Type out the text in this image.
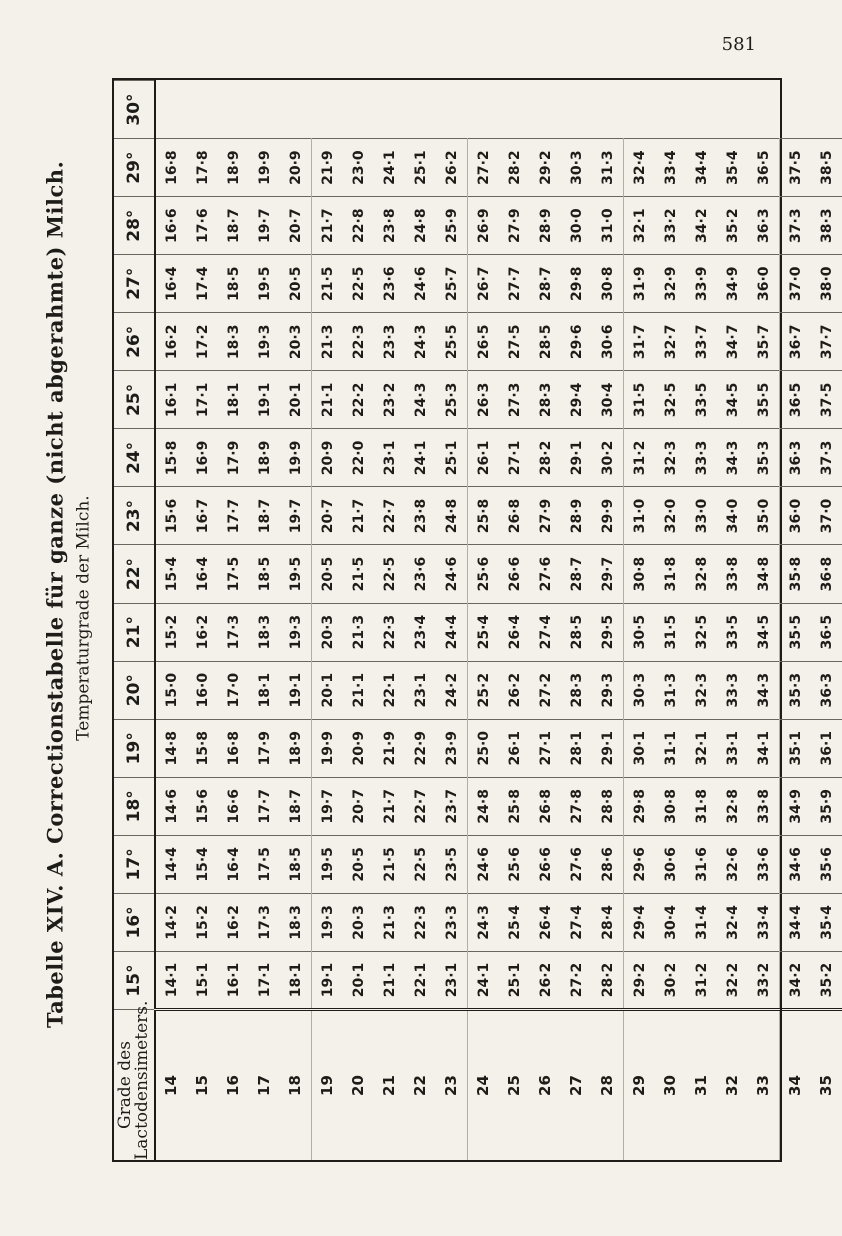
581
Tabelle XIV. A. Correctionstabelle für ganze (nicht abgerahmte) Milch. Temperaturgrade der Milch.
Grade des Lactodensimeters.	15°	16°	17°	18°	19°	20°	21°	22°	23°	24°	25°	26°	27°	28°	29°	30°
14	14·1	14·2	14·4	14·6	14·8	15·0	15·2	15·4	15·6	15·8	16·1	16·2	16·4	16·6	16·8	
15	15·1	15·2	15·4	15·6	15·8	16·0	16·2	16·4	16·7	16·9	17·1	17·2	17·4	17·6	17·8	
16	16·1	16·2	16·4	16·6	16·8	17·0	17·3	17·5	17·7	17·9	18·1	18·3	18·5	18·7	18·9	
17	17·1	17·3	17·5	17·7	17·9	18·1	18·3	18·5	18·7	18·9	19·1	19·3	19·5	19·7	19·9	
18	18·1	18·3	18·5	18·7	18·9	19·1	19·3	19·5	19·7	19·9	20·1	20·3	20·5	20·7	20·9	
19	19·1	19·3	19·5	19·7	19·9	20·1	20·3	20·5	20·7	20·9	21·1	21·3	21·5	21·7	21·9	
20	20·1	20·3	20·5	20·7	20·9	21·1	21·3	21·5	21·7	22·0	22·2	22·3	22·5	22·8	23·0	
21	21·1	21·3	21·5	21·7	21·9	22·1	22·3	22·5	22·7	23·1	23·2	23·3	23·6	23·8	24·1	
22	22·1	22·3	22·5	22·7	22·9	23·1	23·4	23·6	23·8	24·1	24·3	24·3	24·6	24·8	25·1	
23	23·1	23·3	23·5	23·7	23·9	24·2	24·4	24·6	24·8	25·1	25·3	25·5	25·7	25·9	26·2	
24	24·1	24·3	24·6	24·8	25·0	25·2	25·4	25·6	25·8	26·1	26·3	26·5	26·7	26·9	27·2	
25	25·1	25·4	25·6	25·8	26·1	26·2	26·4	26·6	26·8	27·1	27·3	27·5	27·7	27·9	28·2	
26	26·2	26·4	26·6	26·8	27·1	27·2	27·4	27·6	27·9	28·2	28·3	28·5	28·7	28·9	29·2	
27	27·2	27·4	27·6	27·8	28·1	28·3	28·5	28·7	28·9	29·1	29·4	29·6	29·8	30·0	30·3	
28	28·2	28·4	28·6	28·8	29·1	29·3	29·5	29·7	29·9	30·2	30·4	30·6	30·8	31·0	31·3	
29	29·2	29·4	29·6	29·8	30·1	30·3	30·5	30·8	31·0	31·2	31·5	31·7	31·9	32·1	32·4	
30	30·2	30·4	30·6	30·8	31·1	31·3	31·5	31·8	32·0	32·3	32·5	32·7	32·9	33·2	33·4	
31	31·2	31·4	31·6	31·8	32·1	32·3	32·5	32·8	33·0	33·3	33·5	33·7	33·9	34·2	34·4	
32	32·2	32·4	32·6	32·8	33·1	33·3	33·5	33·8	34·0	34·3	34·5	34·7	34·9	35·2	35·4	
33	33·2	33·4	33·6	33·8	34·1	34·3	34·5	34·8	35·0	35·3	35·5	35·7	36·0	36·3	36·5	
34	34·2	34·4	34·6	34·9	35·1	35·3	35·5	35·8	36·0	36·3	36·5	36·7	37·0	37·3	37·5	
35	35·2	35·4	35·6	35·9	36·1	36·3	36·5	36·8	37·0	37·3	37·5	37·7	38·0	38·3	38·5	
